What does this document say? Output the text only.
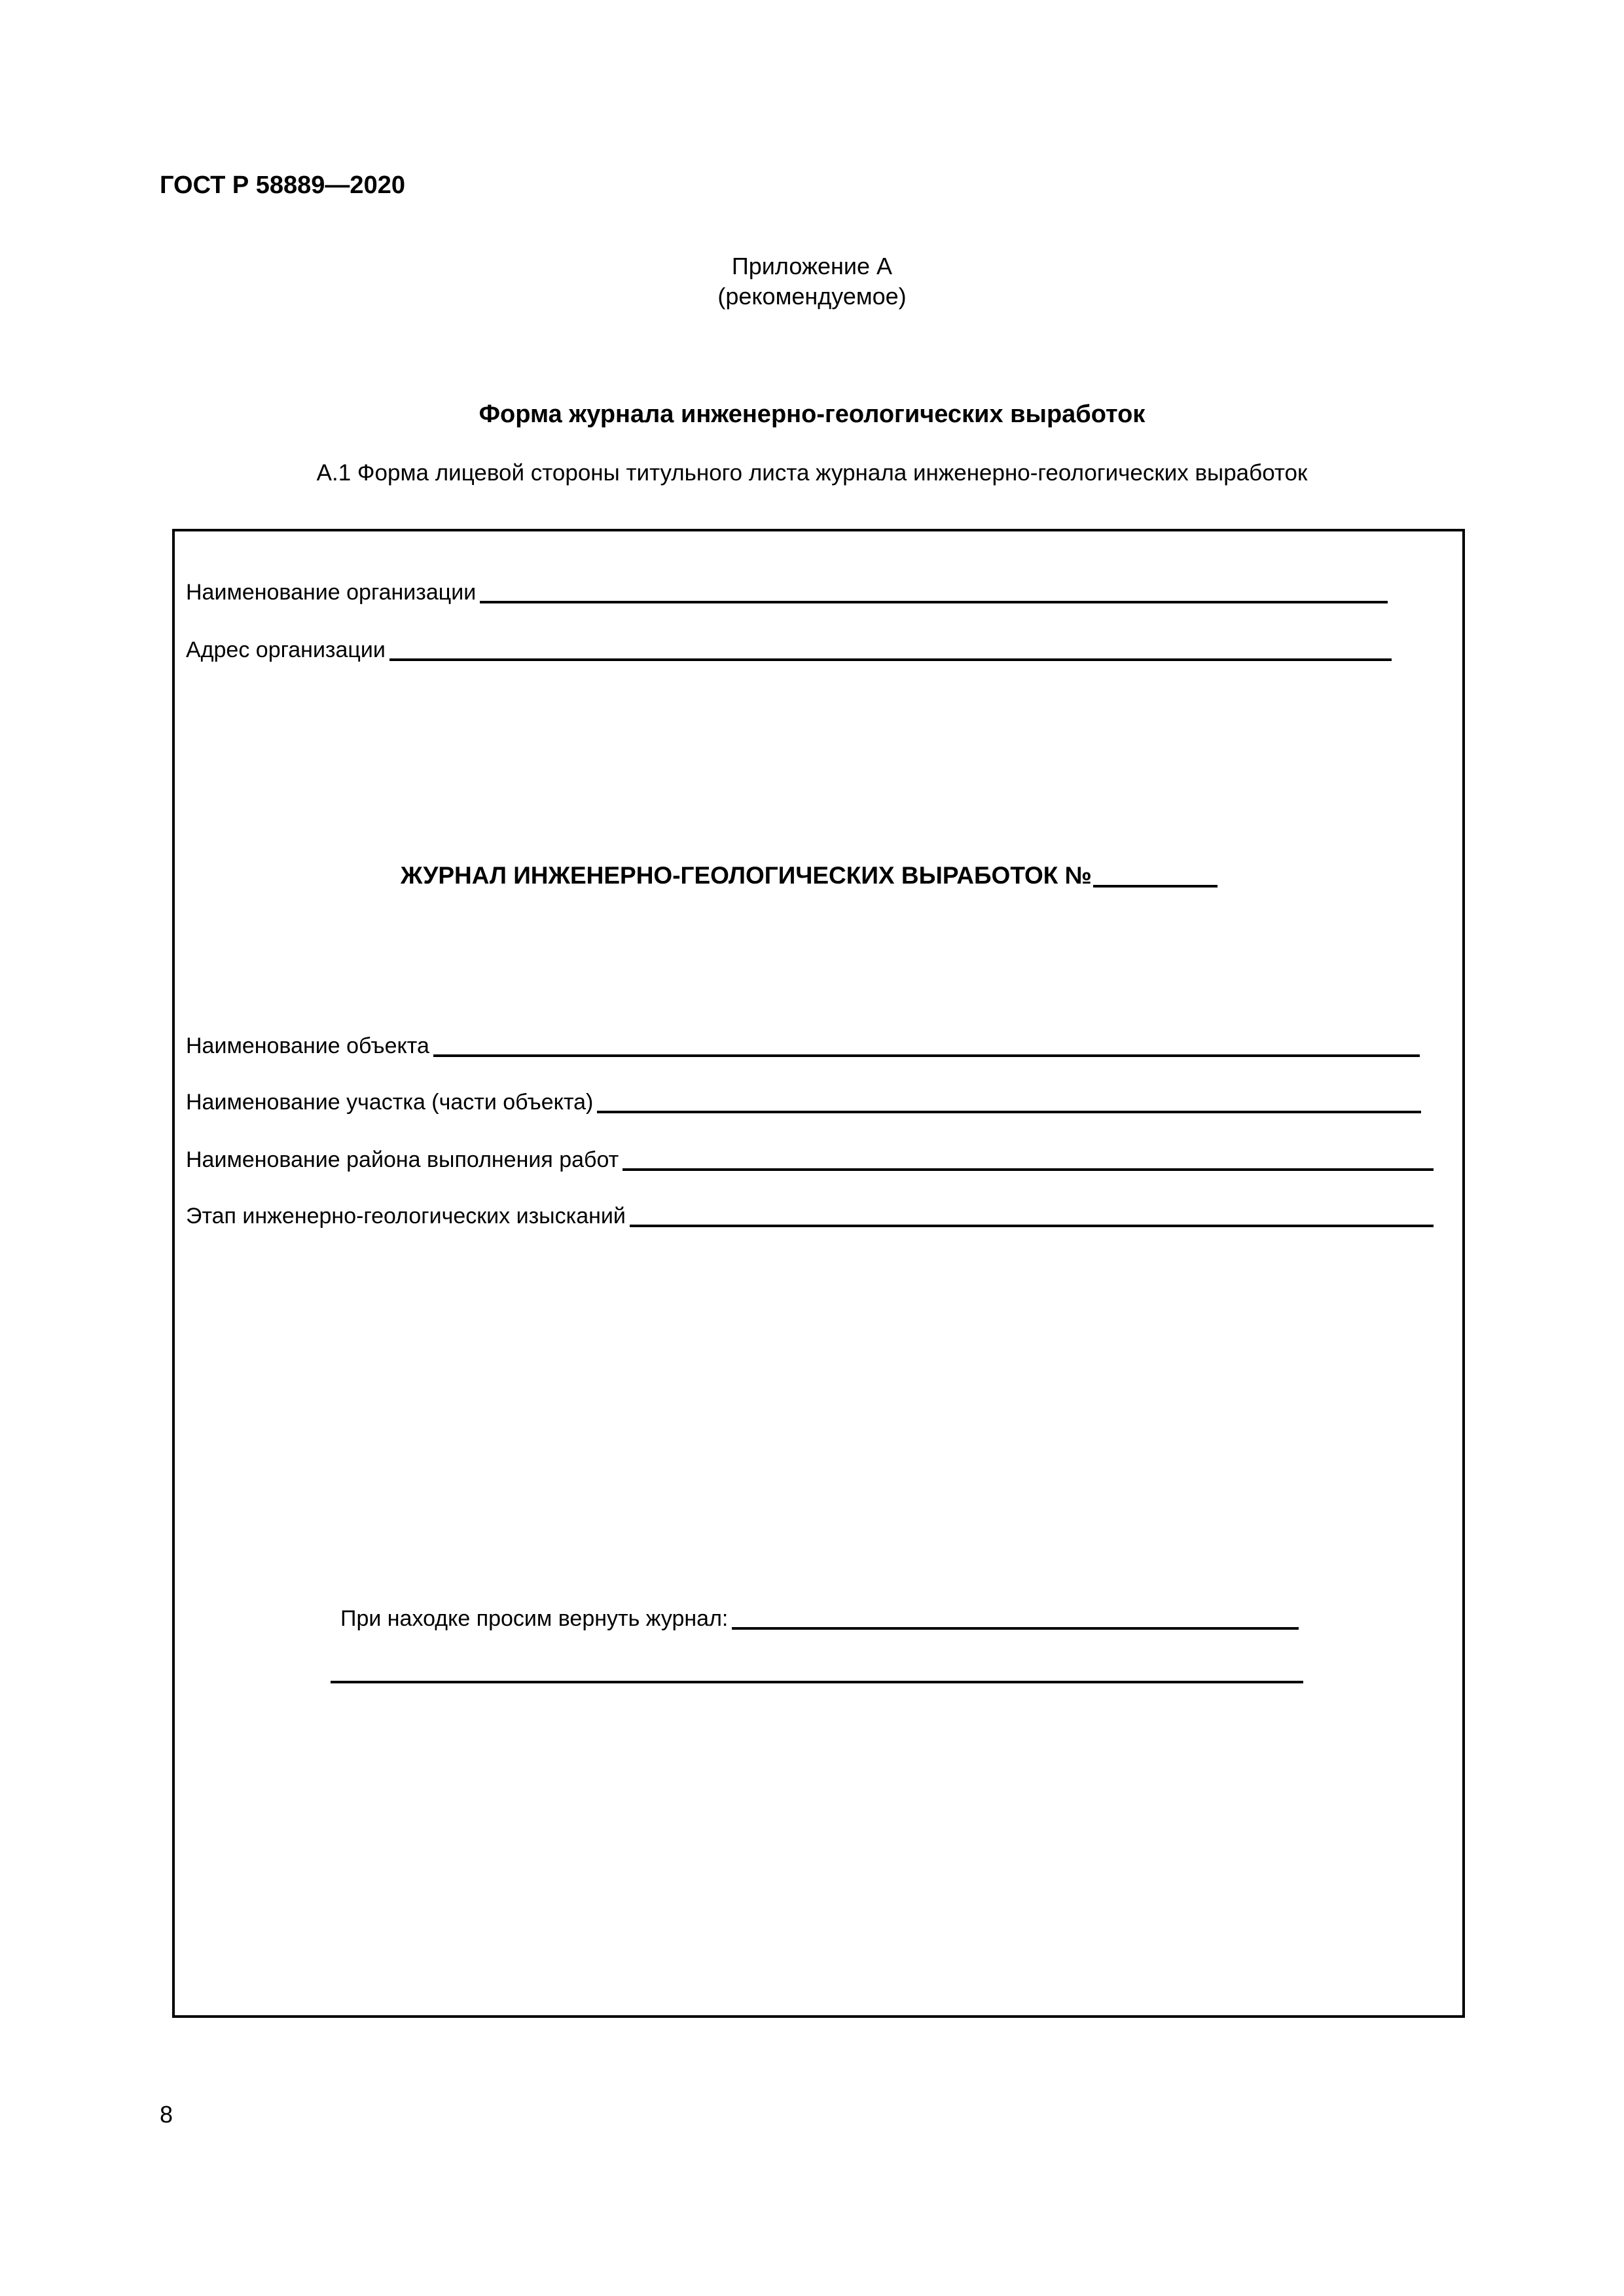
ГОСТ Р 58889—2020
Приложение А
(рекомендуемое)
Форма журнала инженерно-геологических выработок
А.1 Форма лицевой стороны титульного листа журнала инженерно-геологических выработок
Наименование организации
Адрес организации
ЖУРНАЛ ИНЖЕНЕРНО-ГЕОЛОГИЧЕСКИХ ВЫРАБОТОК №
Наименование объекта
Наименование участка (части объекта)
Наименование района выполнения работ
Этап инженерно-геологических изысканий
При находке просим вернуть журнал:
8
